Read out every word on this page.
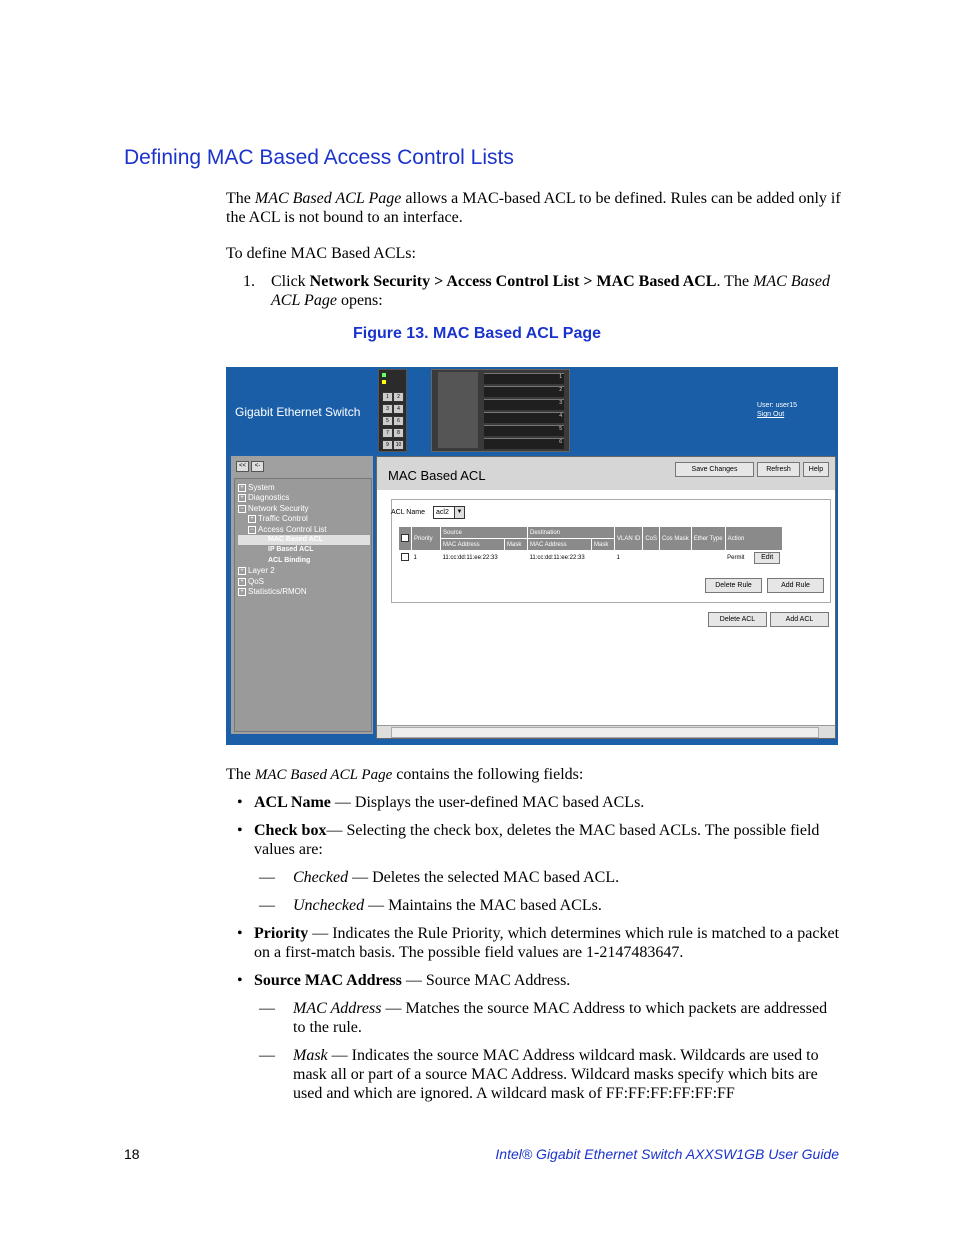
Defining MAC Based Access Control Lists
The MAC Based ACL Page allows a MAC-based ACL to be defined. Rules can be added only if the ACL is not bound to an interface.
To define MAC Based ACLs:
1. Click Network Security > Access Control List > MAC Based ACL. The MAC Based ACL Page opens:
Figure 13. MAC Based ACL Page
Gigabit Ethernet Switch
1	2
3	4
5	6
7	8
9	10
1
2
3
4
5
6
User: user15
Sign Out
<<	<-
+ System
+ Diagnostics
− Network Security
+ Traffic Control
− Access Control List
MAC Based ACL
IP Based ACL
ACL Binding
+ Layer 2
+ QoS
+ Statistics/RMON
MAC Based ACL	Save Changes	Refresh	Help
ACL Name	acl2	▼
	Priority	Source		Destination		VLAN ID	CoS	Cos Mask	Ether Type	Action
		MAC Address	Mask	MAC Address	Mask					
	1	11:cc:dd:11:ee:22:33		11:cc:dd:11:ee:22:33		1				Permit Edit
Delete Rule	Add Rule
Delete ACL	Add ACL
The MAC Based ACL Page contains the following fields:
• ACL Name — Displays the user-defined MAC based ACLs.
• Check box— Selecting the check box, deletes the MAC based ACLs. The possible field values are:
— Checked — Deletes the selected MAC based ACL.
— Unchecked — Maintains the MAC based ACLs.
• Priority — Indicates the Rule Priority, which determines which rule is matched to a packet on a first-match basis. The possible field values are 1-2147483647.
• Source MAC Address — Source MAC Address.
— MAC Address — Matches the source MAC Address to which packets are addressed to the rule.
— Mask — Indicates the source MAC Address wildcard mask. Wildcards are used to mask all or part of a source MAC Address. Wildcard masks specify which bits are used and which are ignored. A wildcard mask of FF:FF:FF:FF:FF:FF
18	Intel® Gigabit Ethernet Switch AXXSW1GB User Guide
